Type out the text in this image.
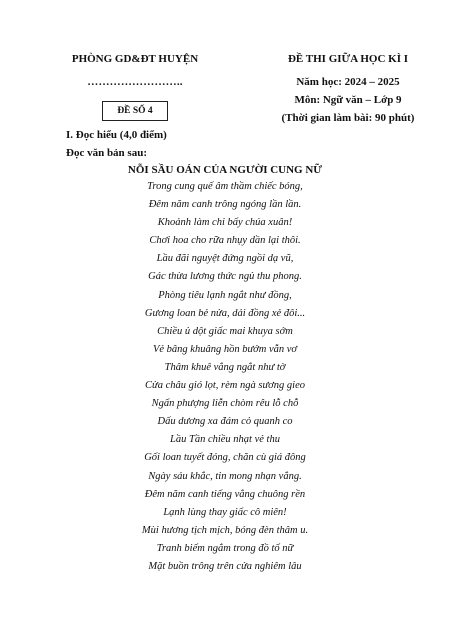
PHÒNG GD&ĐT HUYỆN
……………………..
ĐỀ SỐ 4
ĐỀ THI GIỮA HỌC KÌ I
Năm học: 2024 – 2025
Môn: Ngữ văn – Lớp 9
(Thời gian làm bài: 90 phút)
I. Đọc hiểu (4,0 điểm)
Đọc văn bản sau:
NỖI SẦU OÁN CỦA NGƯỜI CUNG NỮ
Trong cung quế âm thầm chiếc bóng,
Đêm năm canh trông ngóng lần lần.
Khoảnh làm chi bấy chúa xuân!
Chơi hoa cho rữa nhụy dần lại thôi.
Lầu đãi nguyệt đứng ngồi dạ vũ,
Gác thừa lương thức ngủ thu phong.
Phòng tiêu lạnh ngắt như đồng,
Gương loan bẻ nửa, dải đồng xẻ đôi...
Chiều ủ dột giấc mai khuya sớm
Vẻ bâng khuâng hồn bướm vẫn vơ
Thâm khuê vắng ngắt như tờ
Cửa châu gió lọt, rèm ngà sương gieo
Ngấn phượng liễn chòm rêu lỗ chỗ
Dấu dương xa đám cỏ quanh co
Lầu Tần chiều nhạt vẻ thu
Gối loan tuyết đóng, chăn cù giá đông
Ngày sáu khắc, tin mong nhạn vắng.
Đêm năm canh tiếng vẳng chuông rền
Lạnh lùng thay giấc cô miên!
Mùi hương tịch mịch, bóng đèn thâm u.
Tranh biếm ngắm trong đồ tố nữ
Mặt buồn trông trên cửa nghiêm lâu
